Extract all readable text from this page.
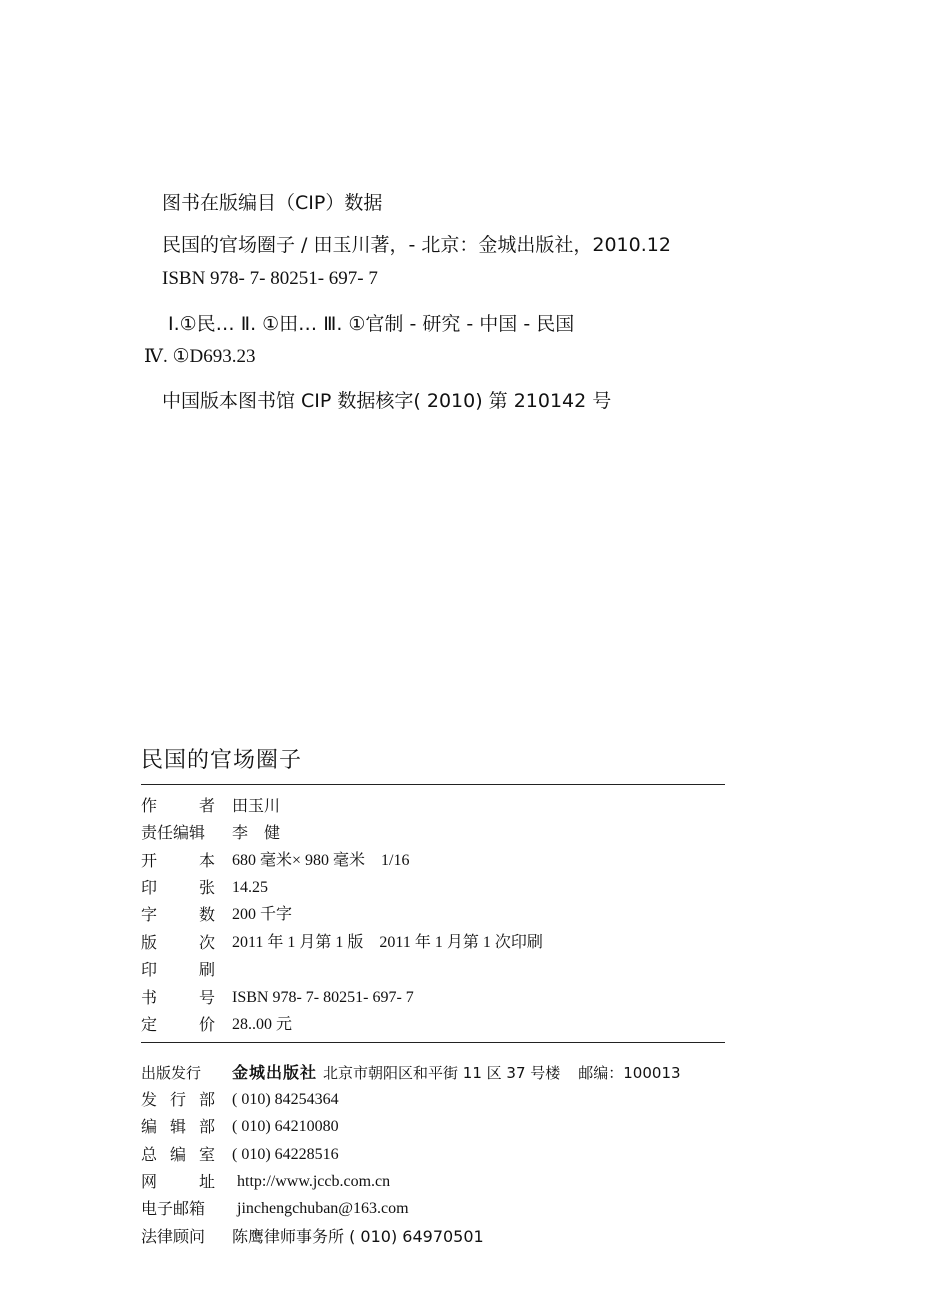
图书在版编目（CIP）数据
民国的官场圈子 / 田玉川著，- 北京：金城出版社，2010.12
ISBN 978- 7- 80251- 697- 7
Ⅰ.①民… Ⅱ. ①田… Ⅲ. ①官制 - 研究 - 中国 - 民国
Ⅳ. ①D693.23
中国版本图书馆 CIP 数据核字( 2010) 第 210142 号
民国的官场圈子
作	者 田玉川
责任编辑 李　健
开	本 680 毫米× 980 毫米　1/16
印	张 14.25
字	数 200 千字
版	次 2011 年 1 月第 1 版　2011 年 1 月第 1 次印刷
印	刷
书	号 ISBN 978- 7- 80251- 697- 7
定	价 28..00 元
出版发行 金城出版社 北京市朝阳区和平街 11 区 37 号楼 邮编：100013
发 行 部 ( 010) 84254364
编 辑 部 ( 010) 64210080
总 编 室 ( 010) 64228516
网	址 http://www.jccb.com.cn
电子邮箱 jinchengchuban@163.com
法律顾问 陈鹰律师事务所 ( 010) 64970501
